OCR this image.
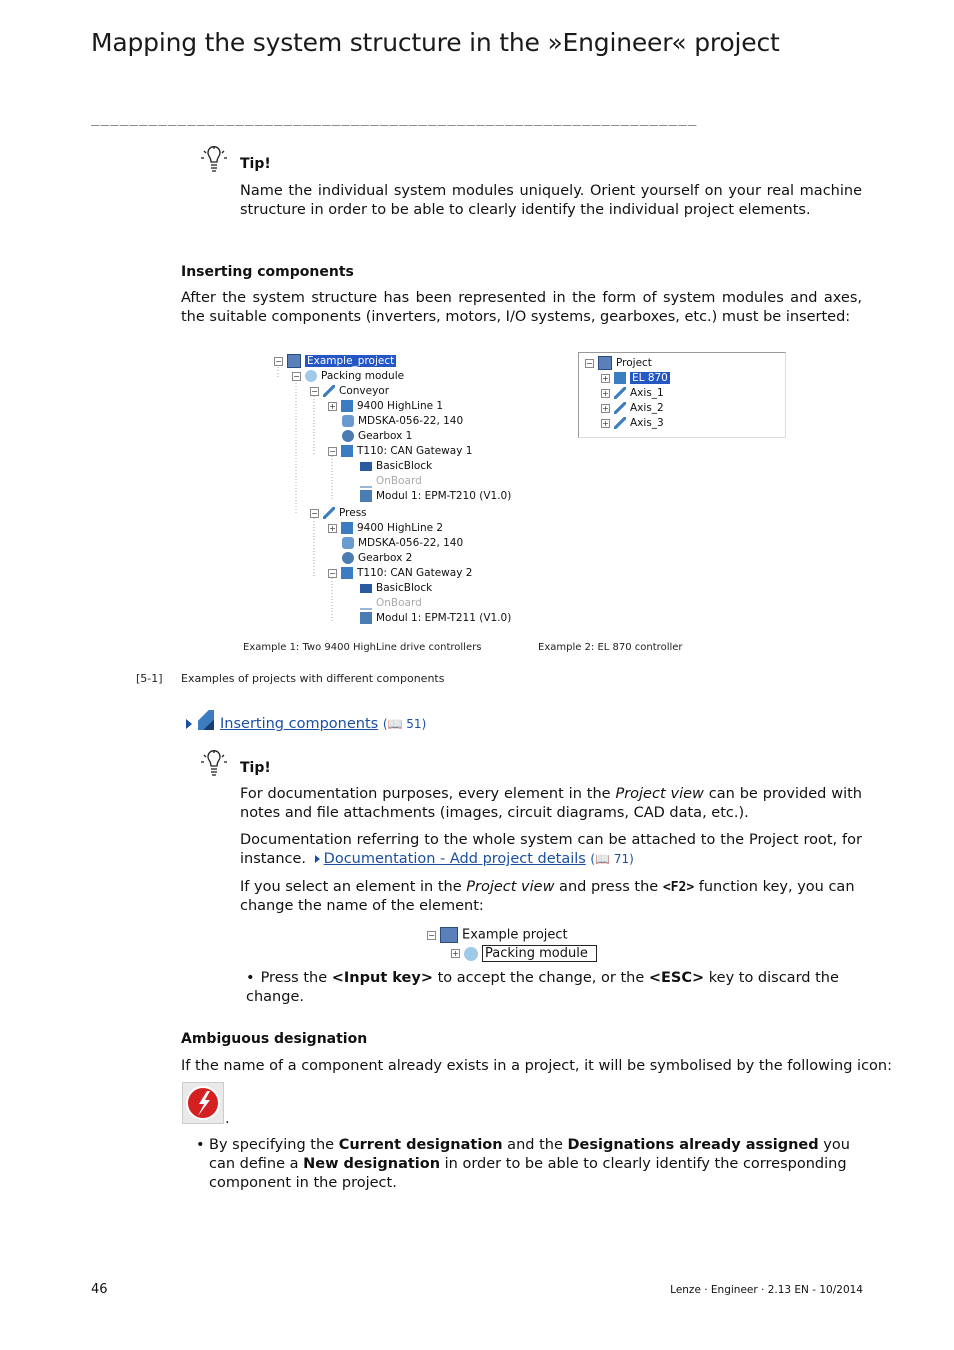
Mapping the system structure in the »Engineer« project
_______________________________________________________________
Tip!
Name the individual system modules uniquely. Orient yourself on your real machine structure in order to be able to clearly identify the individual project elements.
Inserting components
After the system structure has been represented in the form of system modules and axes, the suitable components (inverters, motors, I/O systems, gearboxes, etc.) must be inserted:
− Example_project
− Packing module
− Conveyor
+ 9400 HighLine 1
MDSKA-056-22, 140
Gearbox 1
− T110: CAN Gateway 1
BasicBlock
OnBoard
Modul 1: EPM-T210 (V1.0)
− Press
+ 9400 HighLine 2
MDSKA-056-22, 140
Gearbox 2
− T110: CAN Gateway 2
BasicBlock
OnBoard
Modul 1: EPM-T211 (V1.0)
Example 1: Two 9400 HighLine drive controllers
− Project
+ EL 870
+ Axis_1
+ Axis_2
+ Axis_3
Example 2: EL 870 controller
[5-1] Examples of projects with different components
Inserting components (📖 51)
Tip!
For documentation purposes, every element in the Project view can be provided with notes and file attachments (images, circuit diagrams, CAD data, etc.).
Documentation referring to the whole system can be attached to the Project root, for instance. Documentation - Add project details (📖 71)
If you select an element in the Project view and press the <F2> function key, you can change the name of the element:
− Example project
+ Packing module
• Press the <Input key> to accept the change, or the <ESC> key to discard the change.
Ambiguous designation
If the name of a component already exists in a project, it will be symbolised by the following icon:
.
• By specifying the Current designation and the Designations already assigned you can define a New designation in order to be able to clearly identify the corresponding component in the project.
46	Lenze · Engineer · 2.13 EN - 10/2014
